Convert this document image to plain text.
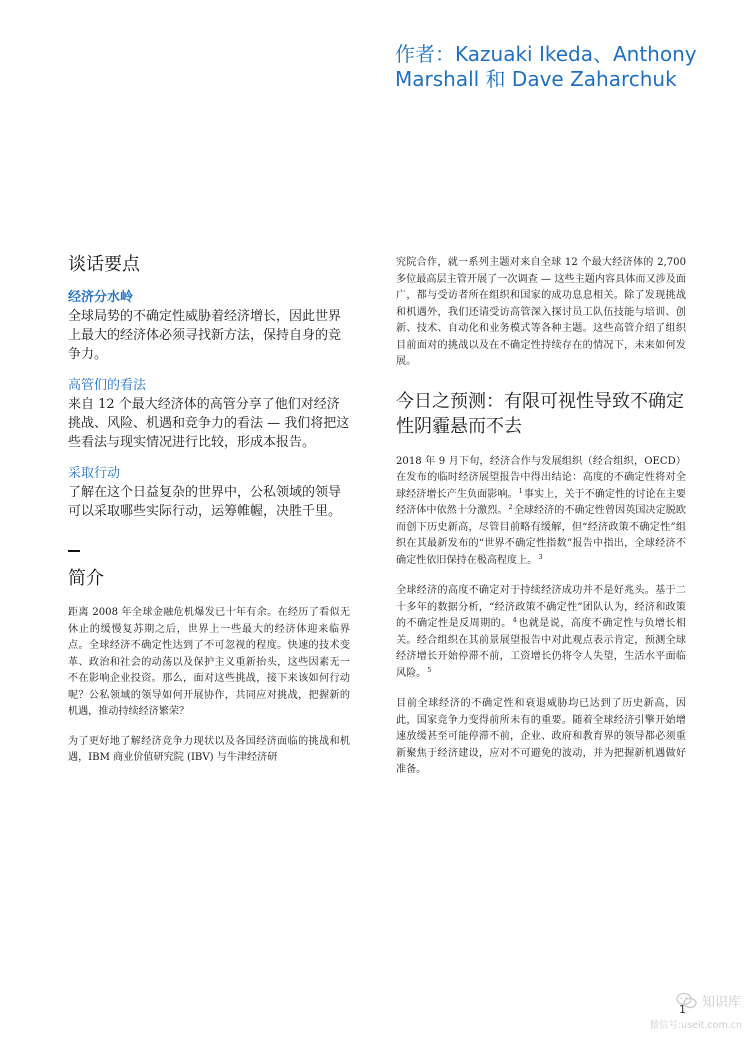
作者：Kazuaki Ikeda、Anthony Marshall 和 Dave Zaharchuk
谈话要点

经济分水岭

全球局势的不确定性威胁着经济增长，因此世界上最大的经济体必须寻找新方法，保持自身的竞争力。

高管们的看法

来自 12 个最大经济体的高管分享了他们对经济挑战、风险、机遇和竞争力的看法 — 我们将把这些看法与现实情况进行比较，形成本报告。

采取行动

了解在这个日益复杂的世界中，公私领域的领导可以采取哪些实际行动，运筹帷幄，决胜千里。

简介

距离 2008 年全球金融危机爆发已十年有余。在经历了看似无休止的缓慢复苏期之后，世界上一些最大的经济体迎来临界点。全球经济不确定性达到了不可忽视的程度。快速的技术变革、政治和社会的动荡以及保护主义重新抬头，这些因素无一不在影响企业投资。那么，面对这些挑战，接下来该如何行动呢？公私领域的领导如何开展协作，共同应对挑战，把握新的机遇，推动持续经济繁荣？

为了更好地了解经济竞争力现状以及各国经济面临的挑战和机遇，IBM 商业价值研究院 (IBV) 与牛津经济研

究院合作，就一系列主题对来自全球 12 个最大经济体的 2,700 多位最高层主管开展了一次调查 — 这些主题内容具体而又涉及面广，都与受访者所在组织和国家的成功息息相关。除了发现挑战和机遇外，我们还请受访高管深入探讨员工队伍技能与培训、创新、技术、自动化和业务模式等各种主题。这些高管介绍了组织目前面对的挑战以及在不确定性持续存在的情况下，未来如何发展。

今日之预测：有限可视性导致不确定性阴霾悬而不去

2018 年 9 月下旬，经济合作与发展组织（经合组织，OECD）在发布的临时经济展望报告中得出结论：高度的不确定性将对全球经济增长产生负面影响。$^1$事实上，关于不确定性的讨论在主要经济体中依然十分激烈。$^2$全球经济的不确定性曾因英国决定脱欧而创下历史新高，尽管目前略有缓解，但“经济政策不确定性”组织在其最新发布的“世界不确定性指数”报告中指出，全球经济不确定性依旧保持在极高程度上。$^3$

全球经济的高度不确定对于持续经济成功并不是好兆头。基于二十多年的数据分析，“经济政策不确定性”团队认为，经济和政策的不确定性是反周期的。$^4$也就是说，高度不确定性与负增长相关。经合组织在其前景展望报告中对此观点表示肯定，预测全球经济增长开始停滞不前，工资增长仍将令人失望，生活水平面临风险。$^5$

目前全球经济的不确定性和衰退威胁均已达到了历史新高，因此，国家竞争力变得前所未有的重要。随着全球经济引擎开始增速放缓甚至可能停滞不前，企业、政府和教育界的领导都必须重新聚焦于经济建设，应对不可避免的波动，并为把握新机遇做好准备。

1	知识库
微信号:useit.com.cn
